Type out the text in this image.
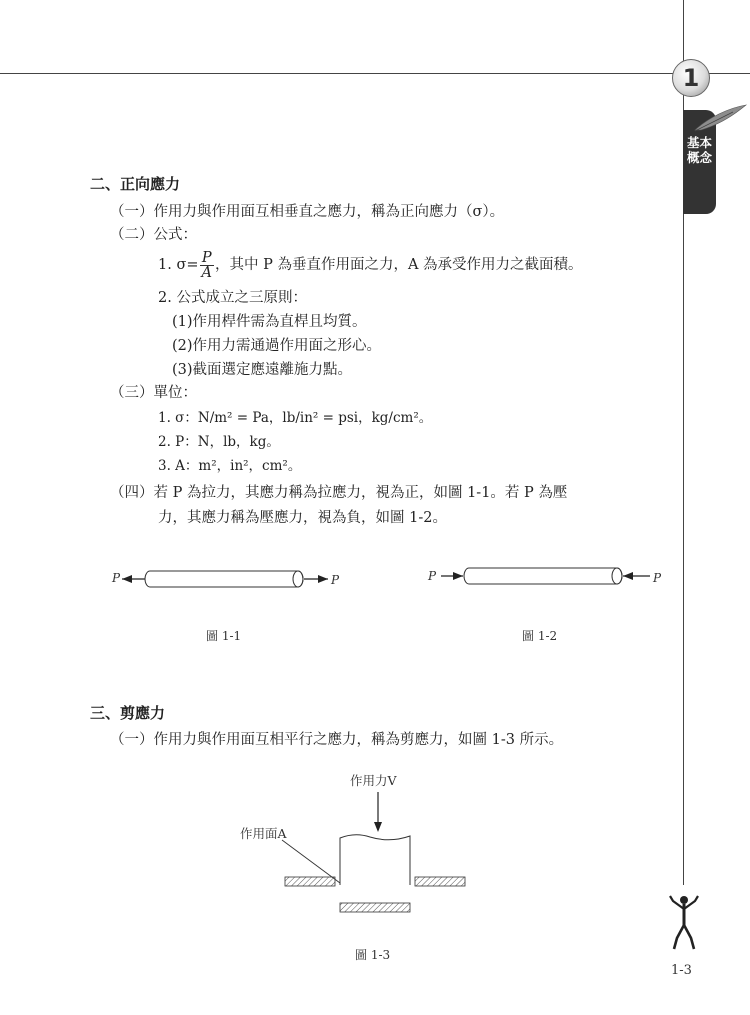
1
基本概念
二、正向應力
（一）作用力與作用面互相垂直之應力，稱為正向應力（σ）。
（二）公式：
1. $\sigma= \frac{P}{A}$ ，其中 P 為垂直作用面之力，A 為承受作用力之截面積。
2. 公式成立之三原則：
(1)作用桿件需為直桿且均質。
(2)作用力需通過作用面之形心。
(3)截面選定應遠離施力點。
（三）單位：
1. σ：N/m² = Pa，lb/in² = psi，kg/cm²。
2. P：N，lb，kg。
3. A：m²，in²，cm²。
（四）若 P 為拉力，其應力稱為拉應力，視為正，如圖 1-1。若 P 為壓
力，其應力稱為壓應力，視為負，如圖 1-2。
P	P	P	P
圖 1-1	圖 1-2
三、剪應力
（一）作用力與作用面互相平行之應力，稱為剪應力，如圖 1-3 所示。
作用力V
作用面A
圖 1-3
1-3
